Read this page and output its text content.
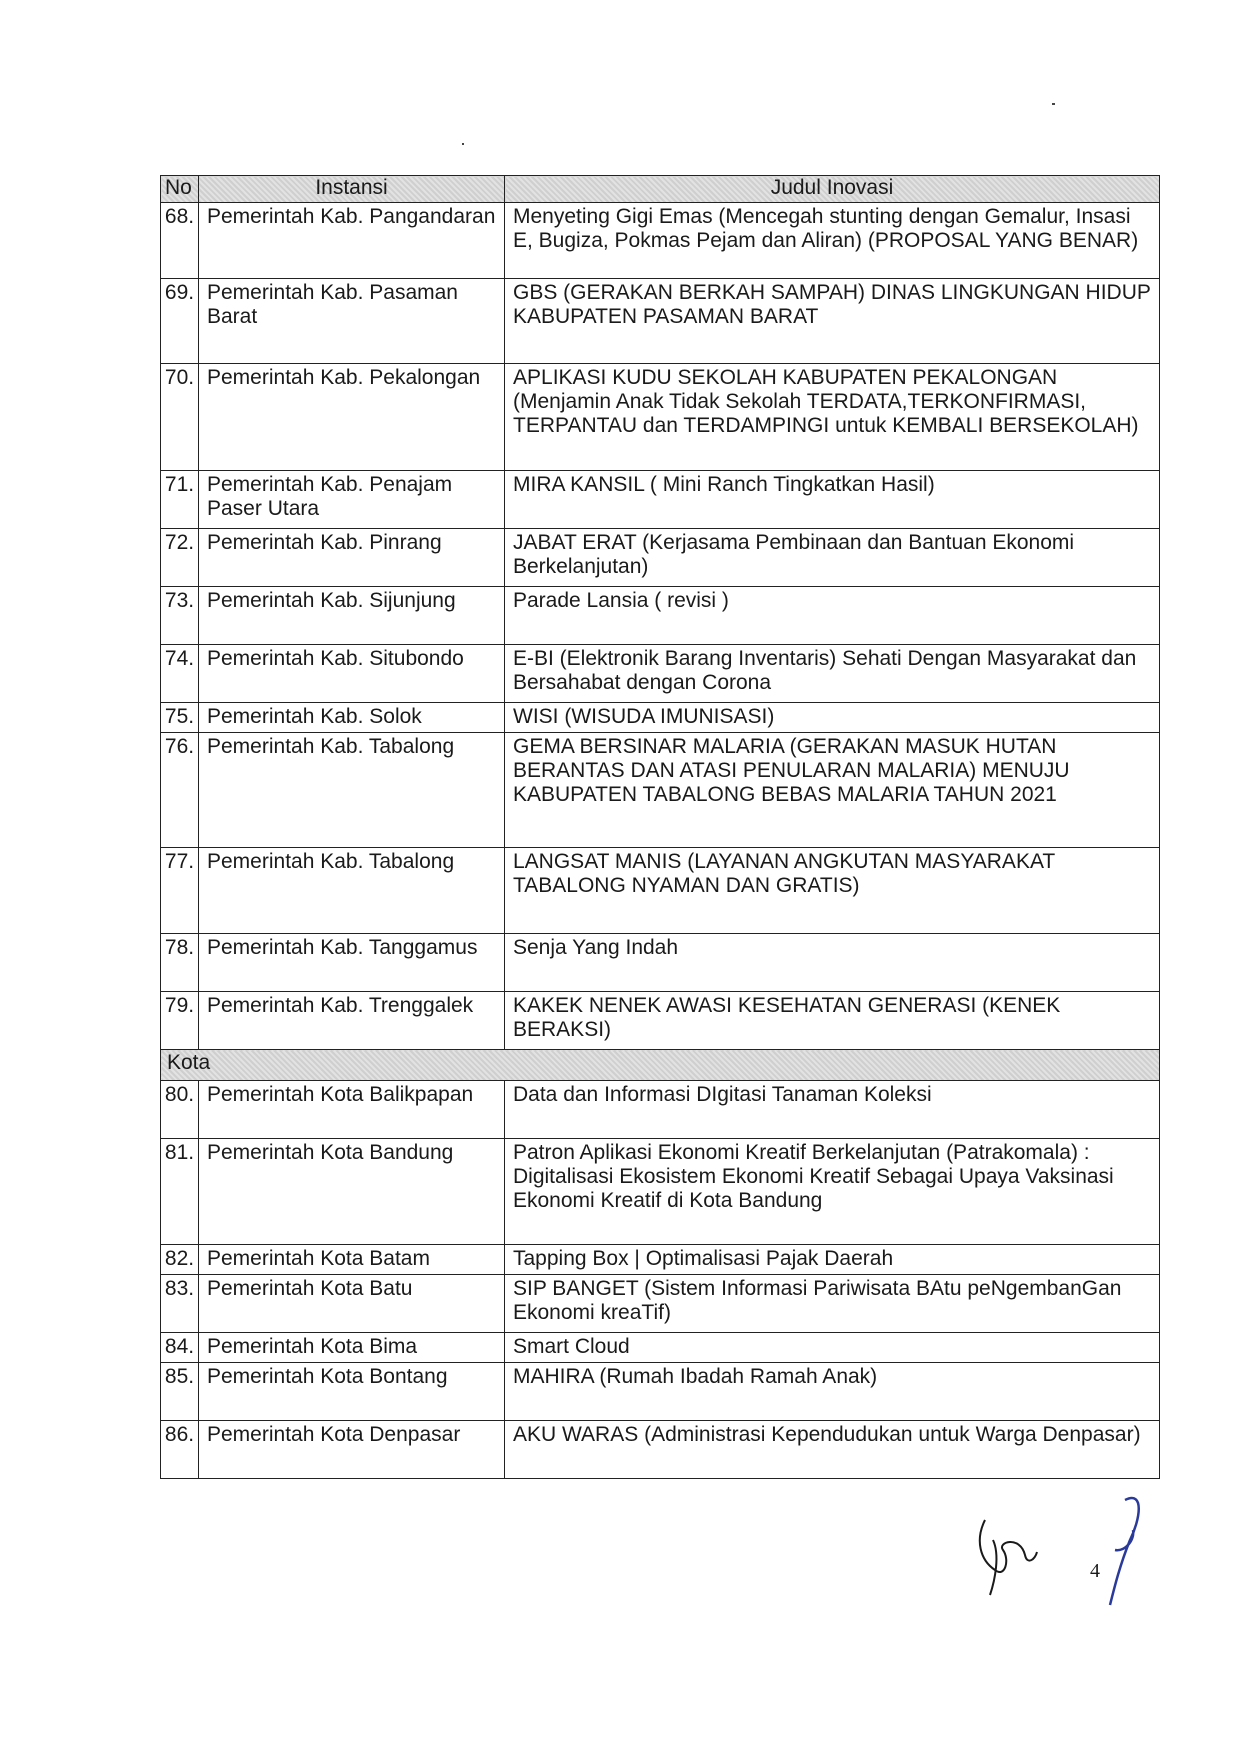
No	Instansi	Judul Inovasi
68.	Pemerintah Kab. Pangandaran	Menyeting Gigi Emas (Mencegah stunting dengan Gemalur, Insasi E, Bugiza, Pokmas Pejam dan Aliran) (PROPOSAL YANG BENAR)
69.	Pemerintah Kab. Pasaman Barat	GBS (GERAKAN BERKAH SAMPAH) DINAS LINGKUNGAN HIDUP KABUPATEN PASAMAN BARAT
70.	Pemerintah Kab. Pekalongan	APLIKASI KUDU SEKOLAH KABUPATEN PEKALONGAN (Menjamin Anak Tidak Sekolah TERDATA,TERKONFIRMASI, TERPANTAU dan TERDAMPINGI untuk KEMBALI BERSEKOLAH)
71.	Pemerintah Kab. Penajam Paser Utara	MIRA KANSIL ( Mini Ranch Tingkatkan Hasil)
72.	Pemerintah Kab. Pinrang	JABAT ERAT (Kerjasama Pembinaan dan Bantuan Ekonomi Berkelanjutan)
73.	Pemerintah Kab. Sijunjung	Parade Lansia ( revisi )
74.	Pemerintah Kab. Situbondo	E-BI (Elektronik Barang Inventaris) Sehati Dengan Masyarakat dan Bersahabat dengan Corona
75.	Pemerintah Kab. Solok	WISI (WISUDA IMUNISASI)
76.	Pemerintah Kab. Tabalong	GEMA BERSINAR MALARIA (GERAKAN MASUK HUTAN BERANTAS DAN ATASI PENULARAN MALARIA) MENUJU KABUPATEN TABALONG BEBAS MALARIA TAHUN 2021
77.	Pemerintah Kab. Tabalong	LANGSAT MANIS (LAYANAN ANGKUTAN MASYARAKAT TABALONG NYAMAN DAN GRATIS)
78.	Pemerintah Kab. Tanggamus	Senja Yang Indah
79.	Pemerintah Kab. Trenggalek	KAKEK NENEK AWASI KESEHATAN GENERASI (KENEK BERAKSI)
Kota		
80.	Pemerintah Kota Balikpapan	Data dan Informasi DIgitasi Tanaman Koleksi
81.	Pemerintah Kota Bandung	Patron Aplikasi Ekonomi Kreatif Berkelanjutan (Patrakomala) : Digitalisasi Ekosistem Ekonomi Kreatif Sebagai Upaya Vaksinasi Ekonomi Kreatif di Kota Bandung
82.	Pemerintah Kota Batam	Tapping Box | Optimalisasi Pajak Daerah
83.	Pemerintah Kota Batu	SIP BANGET (Sistem Informasi Pariwisata BAtu peNgembanGan Ekonomi kreaTif)
84.	Pemerintah Kota Bima	Smart Cloud
85.	Pemerintah Kota Bontang	MAHIRA (Rumah Ibadah Ramah Anak)
86.	Pemerintah Kota Denpasar	AKU WARAS (Administrasi Kependudukan untuk Warga Denpasar)
4
